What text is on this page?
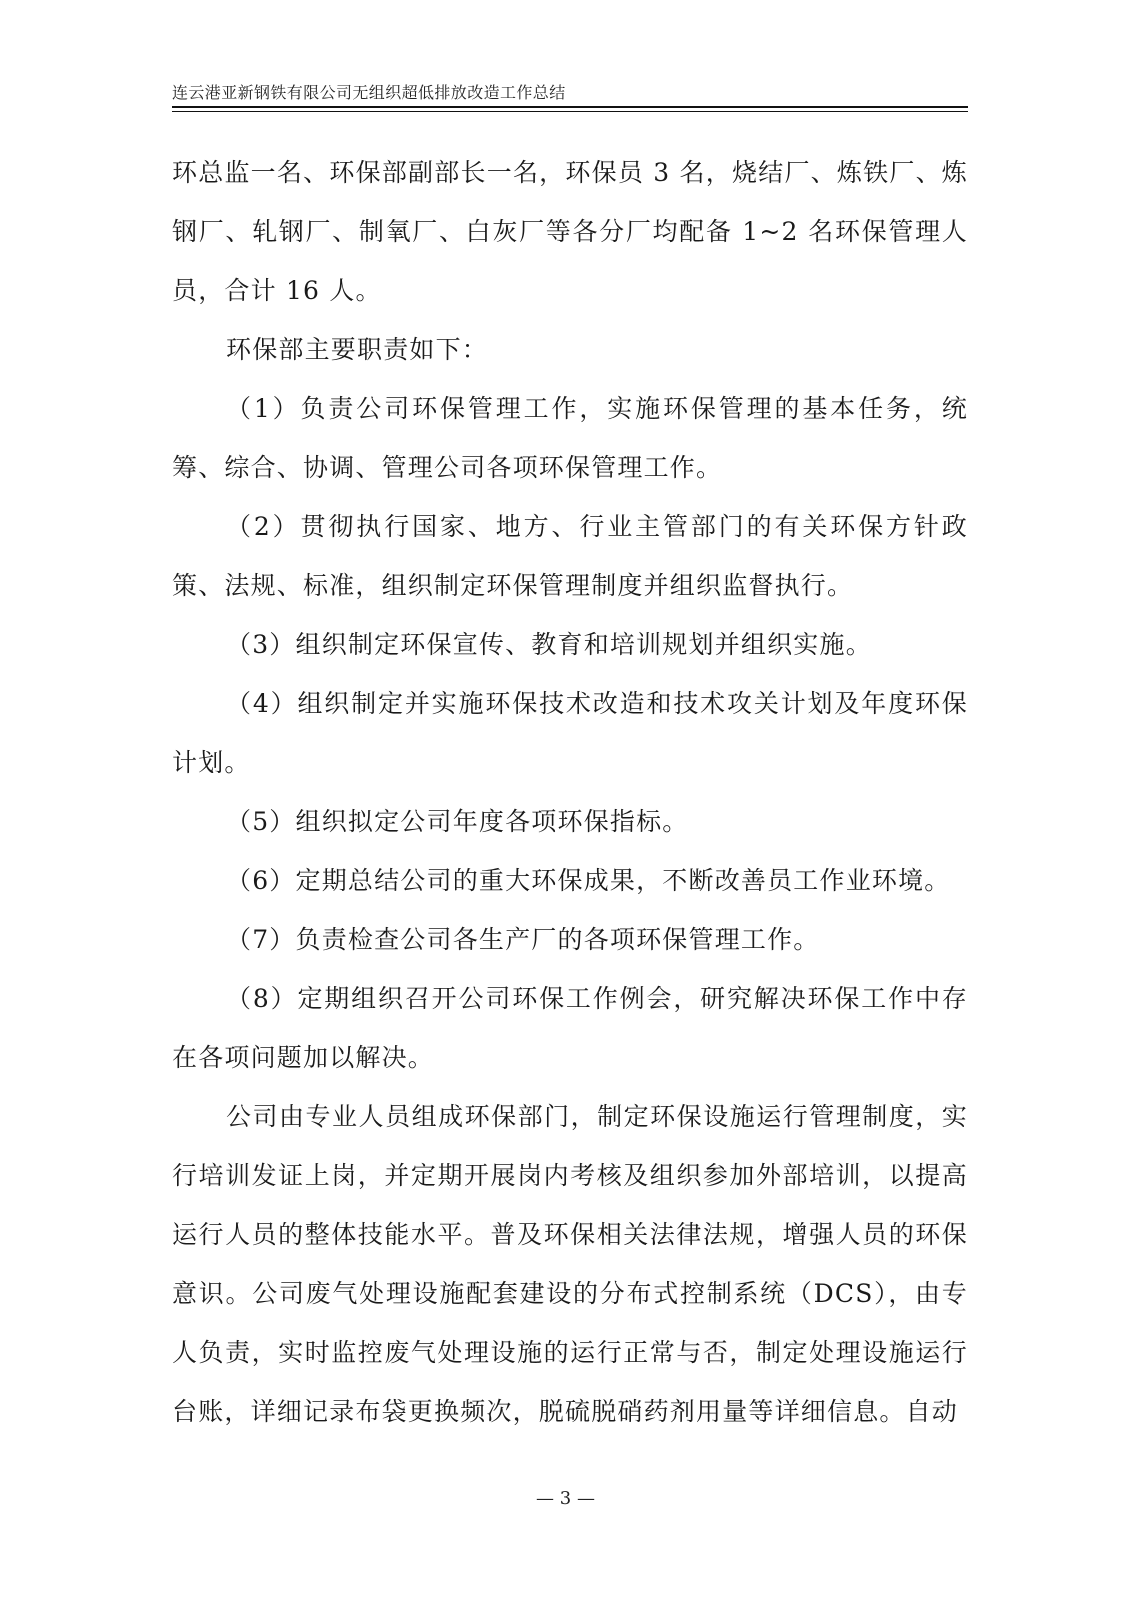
连云港亚新钢铁有限公司无组织超低排放改造工作总结

环总监一名、环保部副部长一名，环保员 3 名，烧结厂、炼铁厂、炼钢厂、轧钢厂、制氧厂、白灰厂等各分厂均配备 1~2 名环保管理人员，合计 16 人。

环保部主要职责如下：

（1）负责公司环保管理工作，实施环保管理的基本任务，统筹、综合、协调、管理公司各项环保管理工作。

（2）贯彻执行国家、地方、行业主管部门的有关环保方针政策、法规、标准，组织制定环保管理制度并组织监督执行。

（3）组织制定环保宣传、教育和培训规划并组织实施。

（4）组织制定并实施环保技术改造和技术攻关计划及年度环保计划。

（5）组织拟定公司年度各项环保指标。

（6）定期总结公司的重大环保成果，不断改善员工作业环境。

（7）负责检查公司各生产厂的各项环保管理工作。

（8）定期组织召开公司环保工作例会，研究解决环保工作中存在各项问题加以解决。

公司由专业人员组成环保部门，制定环保设施运行管理制度，实行培训发证上岗，并定期开展岗内考核及组织参加外部培训，以提高运行人员的整体技能水平。普及环保相关法律法规，增强人员的环保意识。公司废气处理设施配套建设的分布式控制系统（DCS），由专人负责，实时监控废气处理设施的运行正常与否，制定处理设施运行台账，详细记录布袋更换频次，脱硫脱硝药剂用量等详细信息。自动

— 3 —
